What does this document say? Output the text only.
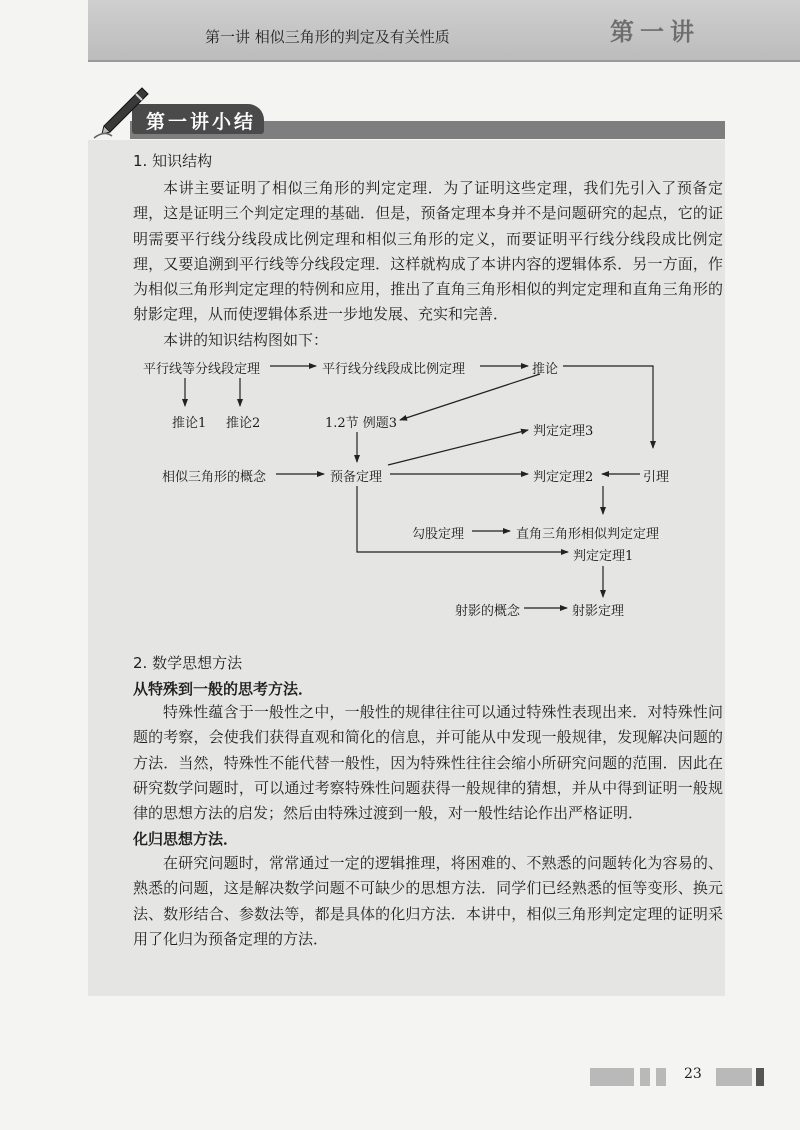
第一讲 相似三角形的判定及有关性质	第一讲
第一讲小结
1. 知识结构

本讲主要证明了相似三角形的判定定理．为了证明这些定理，我们先引入了预备定理，这是证明三个判定定理的基础．但是，预备定理本身并不是问题研究的起点，它的证明需要平行线分线段成比例定理和相似三角形的定义，而要证明平行线分线段成比例定理，又要追溯到平行线等分线段定理．这样就构成了本讲内容的逻辑体系．另一方面，作为相似三角形判定定理的特例和应用，推出了直角三角形相似的判定定理和直角三角形的射影定理，从而使逻辑体系进一步地发展、充实和完善．

本讲的知识结构图如下：

平行线等分线段定理	平行线分线段成比例定理	推论
推论1 推论2	1.2节 例题3
判定定理3
相似三角形的概念	预备定理	判定定理2	引理
勾股定理	直角三角形相似判定定理
判定定理1
射影的概念	射影定理
2. 数学思想方法
从特殊到一般的思考方法．

特殊性蕴含于一般性之中，一般性的规律往往可以通过特殊性表现出来．对特殊性问题的考察，会使我们获得直观和简化的信息，并可能从中发现一般规律，发现解决问题的方法．当然，特殊性不能代替一般性，因为特殊性往往会缩小所研究问题的范围．因此在研究数学问题时，可以通过考察特殊性问题获得一般规律的猜想，并从中得到证明一般规律的思想方法的启发；然后由特殊过渡到一般，对一般性结论作出严格证明．

化归思想方法．

在研究问题时，常常通过一定的逻辑推理，将困难的、不熟悉的问题转化为容易的、熟悉的问题，这是解决数学问题不可缺少的思想方法．同学们已经熟悉的恒等变形、换元法、数形结合、参数法等，都是具体的化归方法．本讲中，相似三角形判定定理的证明采用了化归为预备定理的方法．

23
